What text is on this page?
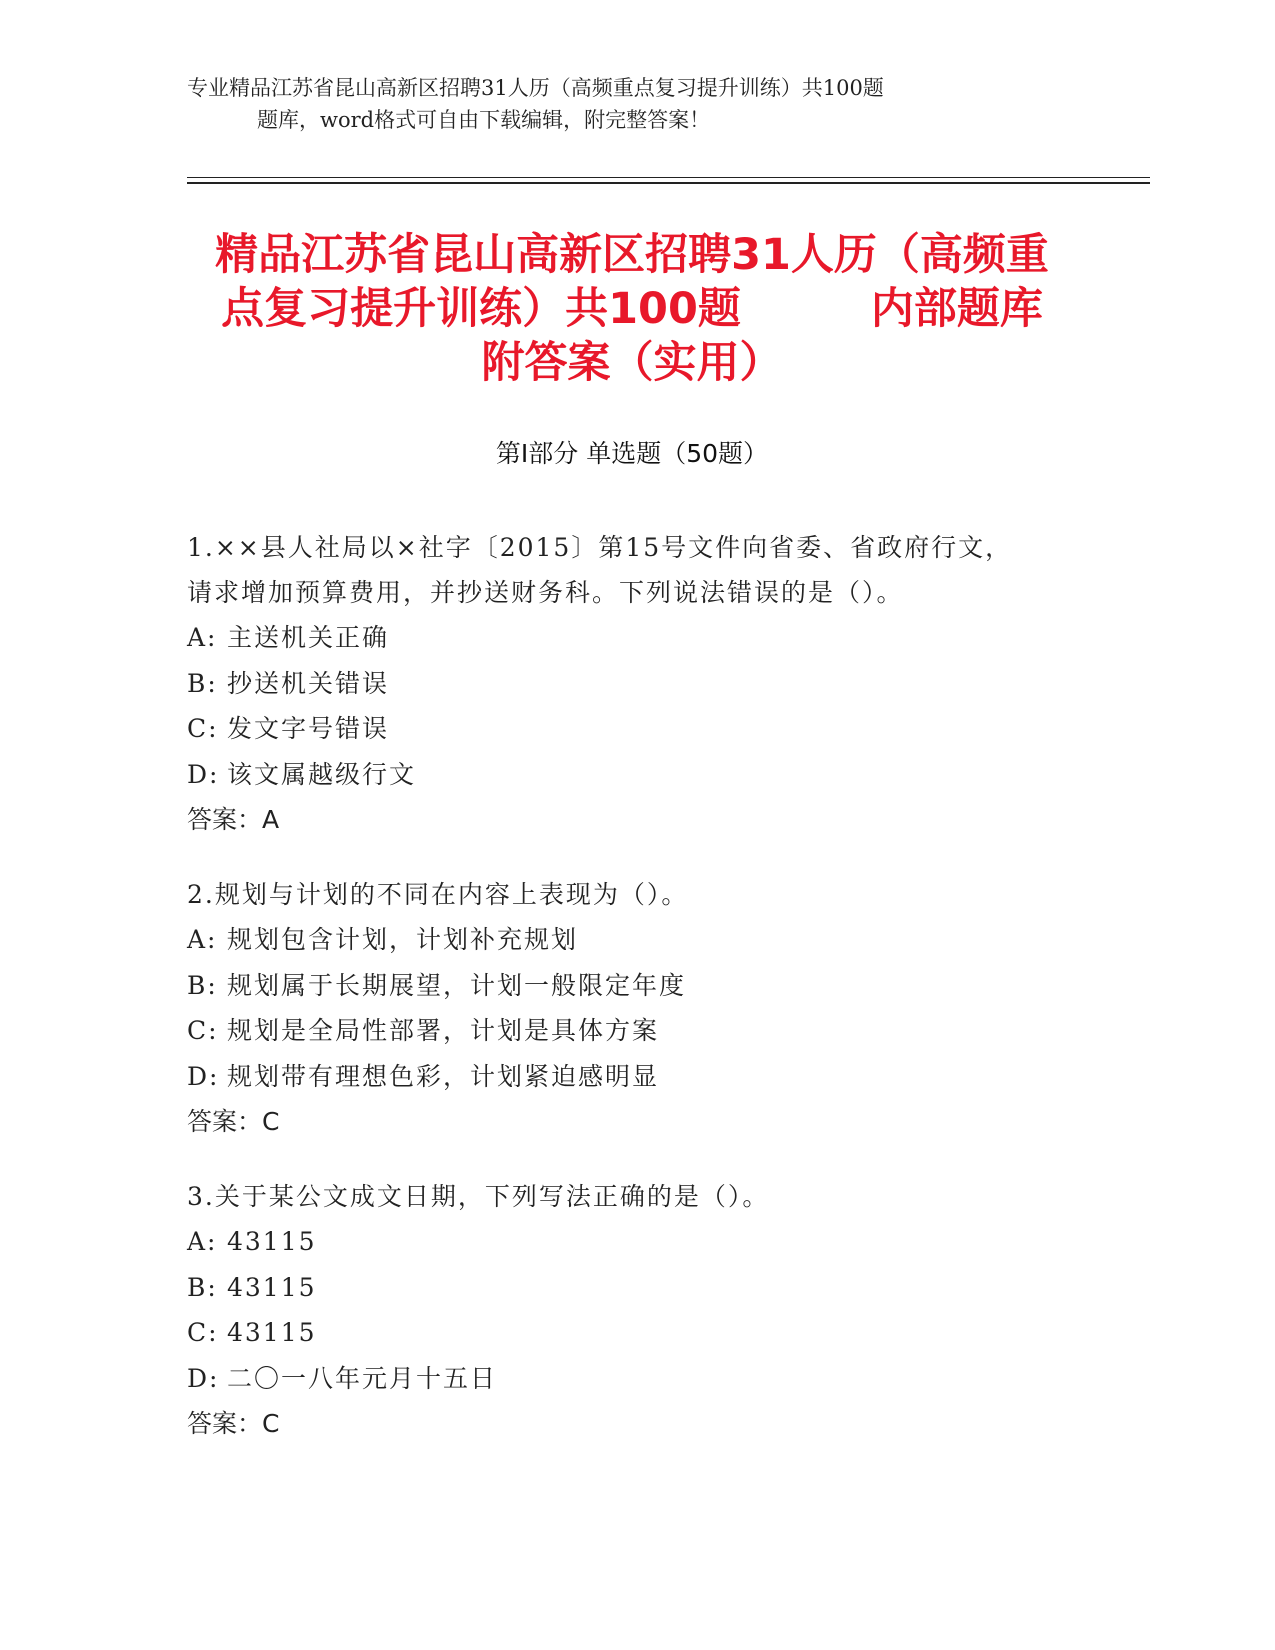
专业精品江苏省昆山高新区招聘31人历（高频重点复习提升训练）共100题
题库，word格式可自由下载编辑，附完整答案！
精品江苏省昆山高新区招聘31人历（高频重
点复习提升训练）共100题	内部题库
附答案（实用）
第Ⅰ部分 单选题（50题）
1.××县人社局以×社字〔2015〕第15号文件向省委、省政府行文，
请求增加预算费用，并抄送财务科。下列说法错误的是（）。
A: 主送机关正确
B: 抄送机关错误
C: 发文字号错误
D: 该文属越级行文
答案：A
2.规划与计划的不同在内容上表现为（）。
A: 规划包含计划，计划补充规划
B: 规划属于长期展望，计划一般限定年度
C: 规划是全局性部署，计划是具体方案
D: 规划带有理想色彩，计划紧迫感明显
答案：C
3.关于某公文成文日期，下列写法正确的是（）。
A: 43115
B: 43115
C: 43115
D: 二〇一八年元月十五日
答案：C
